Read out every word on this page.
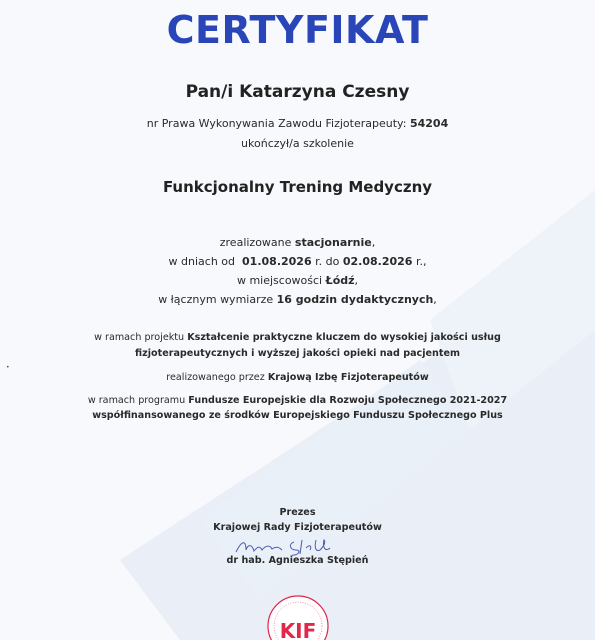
CERTYFIKAT
Pan/i Katarzyna Czesny
nr Prawa Wykonywania Zawodu Fizjoterapeuty: 54204
ukończył/a szkolenie
Funkcjonalny Trening Medyczny
zrealizowane stacjonarnie,
w dniach od 01.08.2026 r. do 02.08.2026 r.,
w miejscowości Łódź,
w łącznym wymiarze 16 godzin dydaktycznych,
w ramach projektu Kształcenie praktyczne kluczem do wysokiej jakości usług
fizjoterapeutycznych i wyższej jakości opieki nad pacjentem
realizowanego przez Krajową Izbę Fizjoterapeutów
w ramach programu Fundusze Europejskie dla Rozwoju Społecznego 2021-2027
współfinansowanego ze środków Europejskiego Funduszu Społecznego Plus
Prezes
Krajowej Rady Fizjoterapeutów
dr hab. Agnieszka Stępień
•
KIF
